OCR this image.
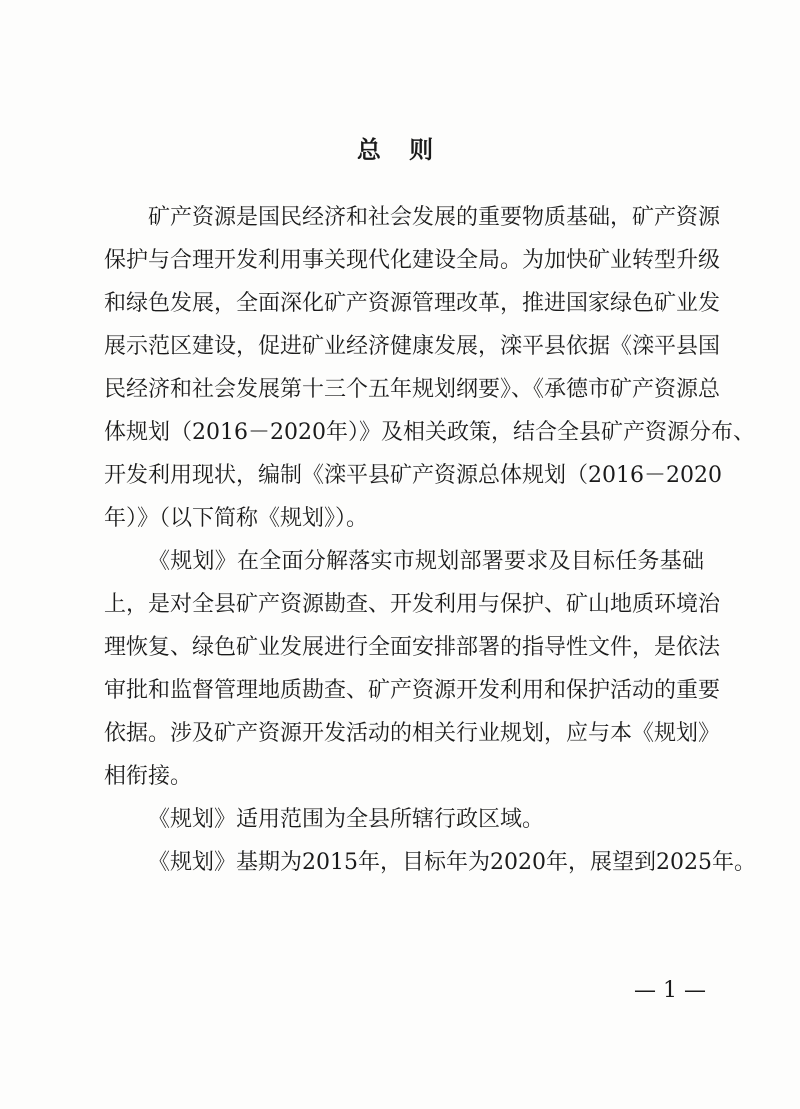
总 则
矿产资源是国民经济和社会发展的重要物质基础，矿产资源
保护与合理开发利用事关现代化建设全局。为加快矿业转型升级
和绿色发展，全面深化矿产资源管理改革，推进国家绿色矿业发
展示范区建设，促进矿业经济健康发展，滦平县依据《滦平县国
民经济和社会发展第十三个五年规划纲要》、《承德市矿产资源总
体规划（2016－2020年）》及相关政策，结合全县矿产资源分布、
开发利用现状，编制《滦平县矿产资源总体规划（2016－2020
年）》（以下简称《规划》）。
《规划》在全面分解落实市规划部署要求及目标任务基础
上，是对全县矿产资源勘查、开发利用与保护、矿山地质环境治
理恢复、绿色矿业发展进行全面安排部署的指导性文件，是依法
审批和监督管理地质勘查、矿产资源开发利用和保护活动的重要
依据。涉及矿产资源开发活动的相关行业规划，应与本《规划》
相衔接。
《规划》适用范围为全县所辖行政区域。
《规划》基期为2015年，目标年为2020年，展望到2025年。
— 1 —
